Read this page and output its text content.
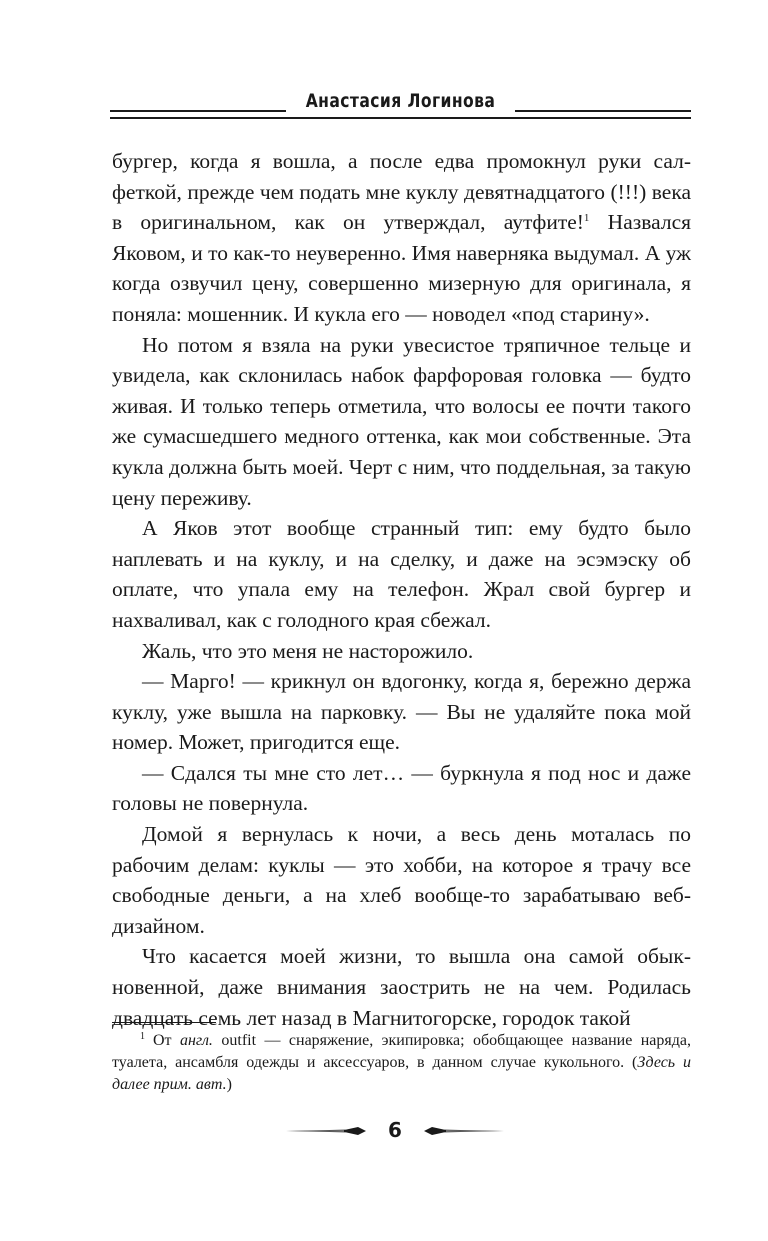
Анастасия Логинова

бургер, когда я вошла, а после едва промокнул руки салфеткой, прежде чем подать мне куклу девятнадцатого (!!!) века в оригинальном, как он утверждал, аутфите!$^1$ Назвался Яковом, и то как-то неуверенно. Имя наверняка выдумал. А уж когда озвучил цену, совершенно мизерную для оригинала, я поняла: мошенник. И кукла его — новодел «под старину».

Но потом я взяла на руки увесистое тряпичное тельце и увидела, как склонилась набок фарфоровая головка — будто живая. И только теперь отметила, что волосы ее почти такого же сумасшедшего медного оттенка, как мои собственные. Эта кукла должна быть моей. Черт с ним, что поддельная, за такую цену переживу.

А Яков этот вообще странный тип: ему будто было наплевать и на куклу, и на сделку, и даже на эсэмэску об оплате, что упала ему на телефон. Жрал свой бургер и нахваливал, как с голодного края сбежал.

Жаль, что это меня не насторожило.

— Марго! — крикнул он вдогонку, когда я, бережно держа куклу, уже вышла на парковку. — Вы не удаляйте пока мой номер. Может, пригодится еще.

— Сдался ты мне сто лет… — буркнула я под нос и даже головы не повернула.

Домой я вернулась к ночи, а весь день моталась по рабочим делам: куклы — это хобби, на которое я трачу все свободные деньги, а на хлеб вообще-то зарабатываю веб-дизайном.

Что касается моей жизни, то вышла она самой обыкновенной, даже внимания заострить не на чем. Родилась двадцать семь лет назад в Магнитогорске, городок такой

$^1$ От англ. outfit — снаряжение, экипировка; обобщающее название наряда, туалета, ансамбля одежды и аксессуаров, в данном случае кукольного. (Здесь и далее прим. авт.)
6
